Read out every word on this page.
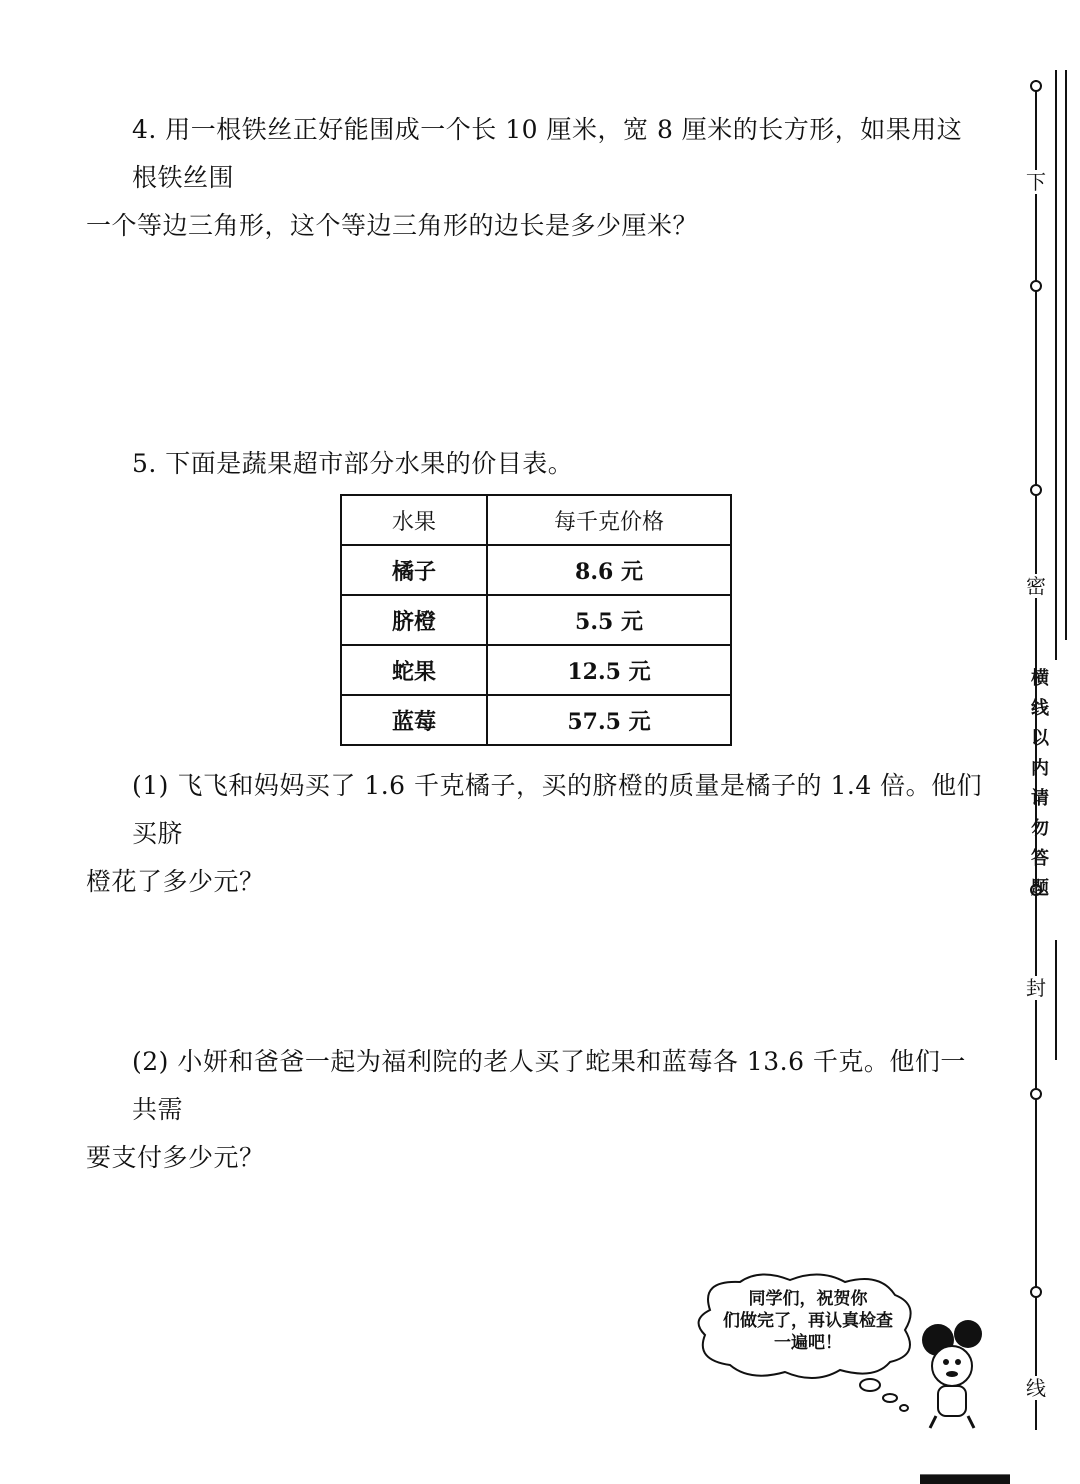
4. 用一根铁丝正好能围成一个长 10 厘米，宽 8 厘米的长方形，如果用这根铁丝围
一个等边三角形，这个等边三角形的边长是多少厘米？
5. 下面是蔬果超市部分水果的价目表。
水果	每千克价格
橘子	8.6 元
脐橙	5.5 元
蛇果	12.5 元
蓝莓	57.5 元
(1) 飞飞和妈妈买了 1.6 千克橘子，买的脐橙的质量是橘子的 1.4 倍。他们买脐
橙花了多少元？
(2) 小妍和爸爸一起为福利院的老人买了蛇果和蓝莓各 13.6 千克。他们一共需
要支付多少元？
下
密
封
线
横线以内请勿答题
同学们，祝贺你
们做完了，再认真检查
一遍吧！
